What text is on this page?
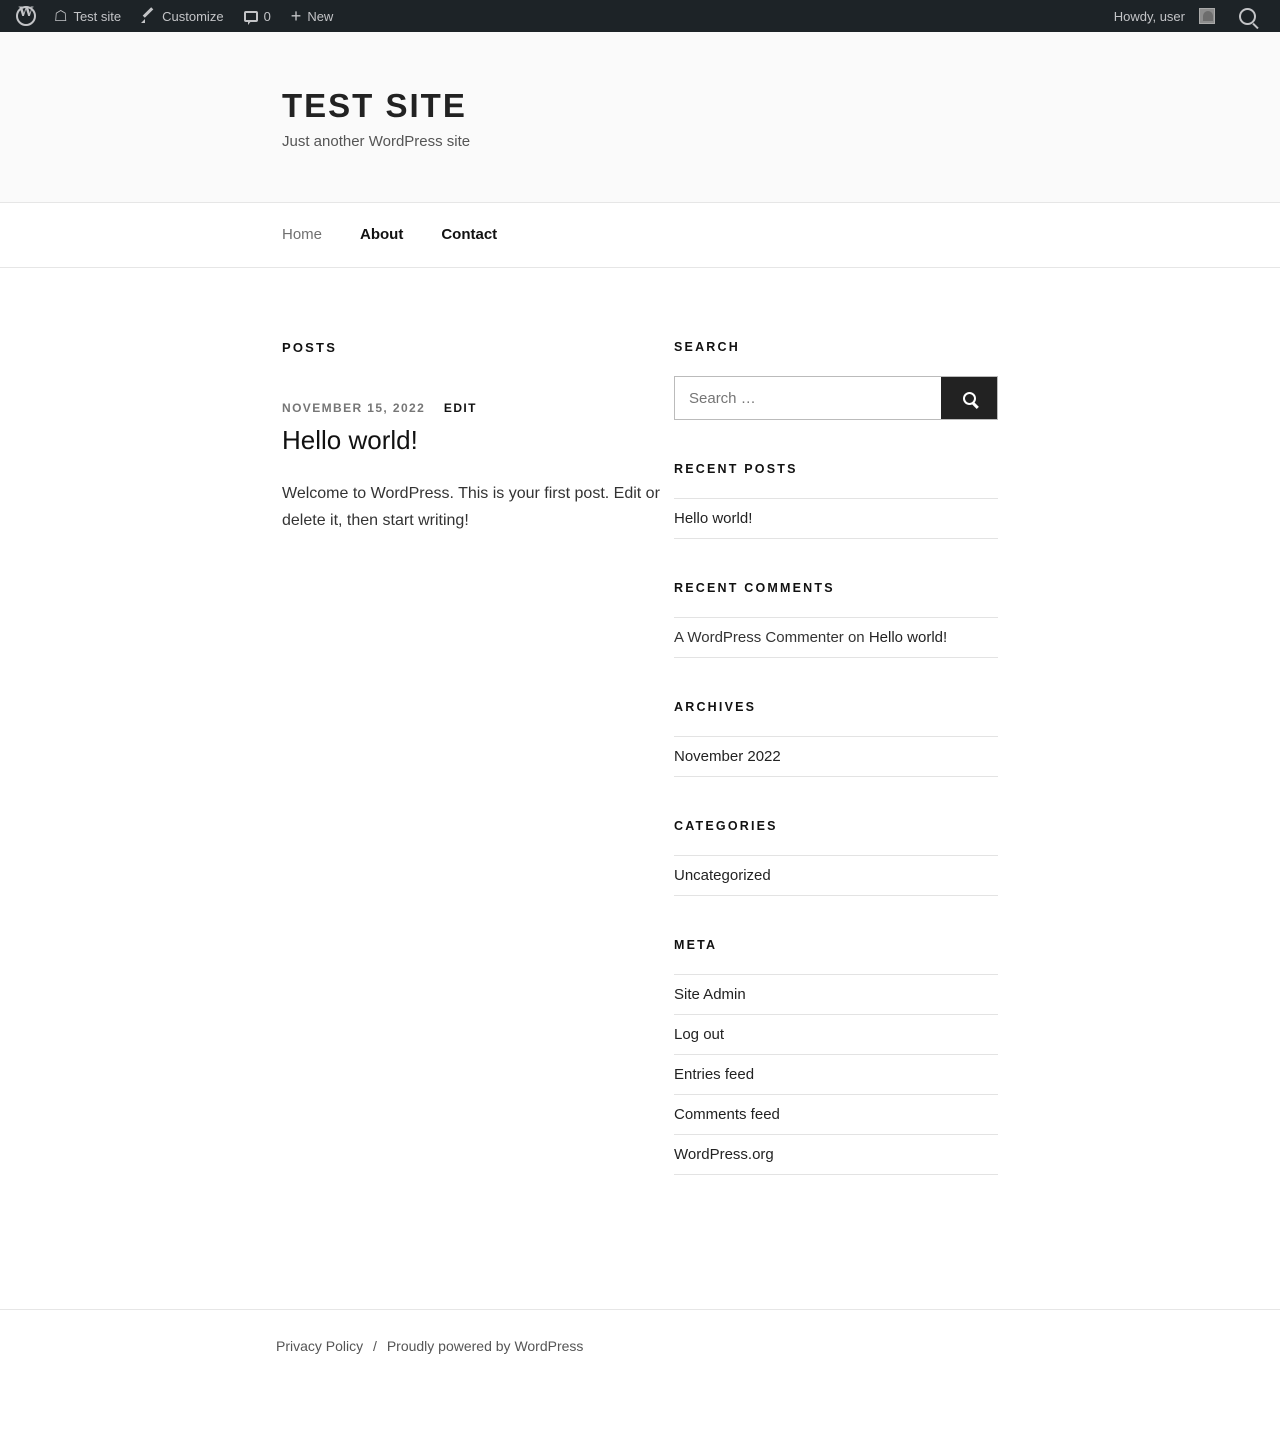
W
☖ Test site	Customize	0 + New	Howdy, user
TEST SITE

Just another WordPress site

Home	About	Contact
POSTS
NOVEMBER 15, 2022 EDIT
Hello world!

Welcome to WordPress. This is your first post. Edit or delete it, then start writing!

SEARCH
Search …
RECENT POSTS
Hello world!
RECENT COMMENTS
A WordPress Commenter on Hello world!
ARCHIVES
November 2022
CATEGORIES
Uncategorized
META
Site Admin
Log out
Entries feed
Comments feed
WordPress.org
Privacy Policy / Proudly powered by WordPress
